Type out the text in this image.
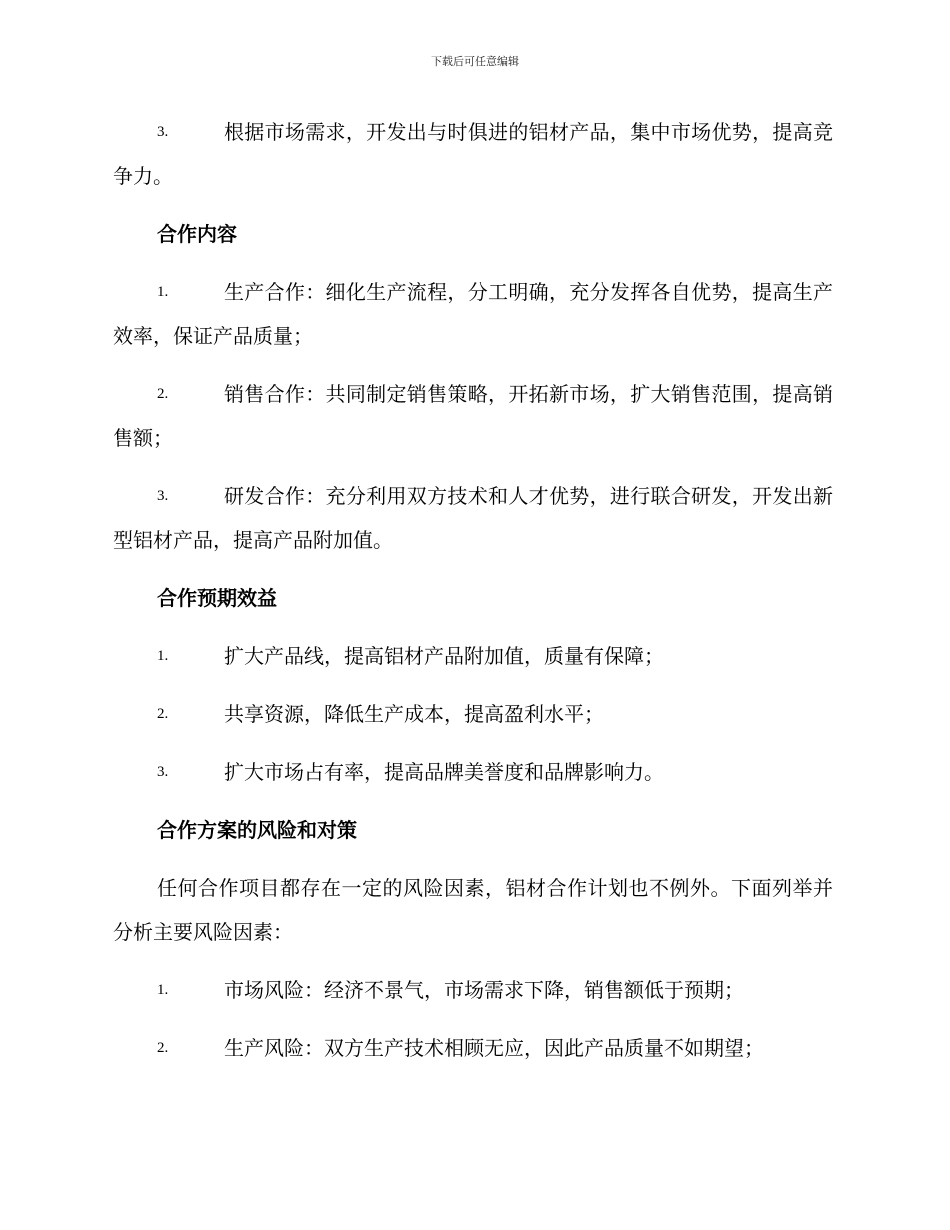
下载后可任意编辑

3.	根据市场需求，开发出与时俱进的铝材产品，集中市场优势，提高竞争力。

合作内容

1.	生产合作：细化生产流程，分工明确，充分发挥各自优势，提高生产效率，保证产品质量；

2.	销售合作：共同制定销售策略，开拓新市场，扩大销售范围，提高销售额；

3.	研发合作：充分利用双方技术和人才优势，进行联合研发，开发出新型铝材产品，提高产品附加值。

合作预期效益

1.	扩大产品线，提高铝材产品附加值，质量有保障；

2.	共享资源，降低生产成本，提高盈利水平；

3.	扩大市场占有率，提高品牌美誉度和品牌影响力。

合作方案的风险和对策

任何合作项目都存在一定的风险因素，铝材合作计划也不例外。下面列举并分析主要风险因素：

1.	市场风险：经济不景气，市场需求下降，销售额低于预期；

2.	生产风险：双方生产技术相顾无应，因此产品质量不如期望；
